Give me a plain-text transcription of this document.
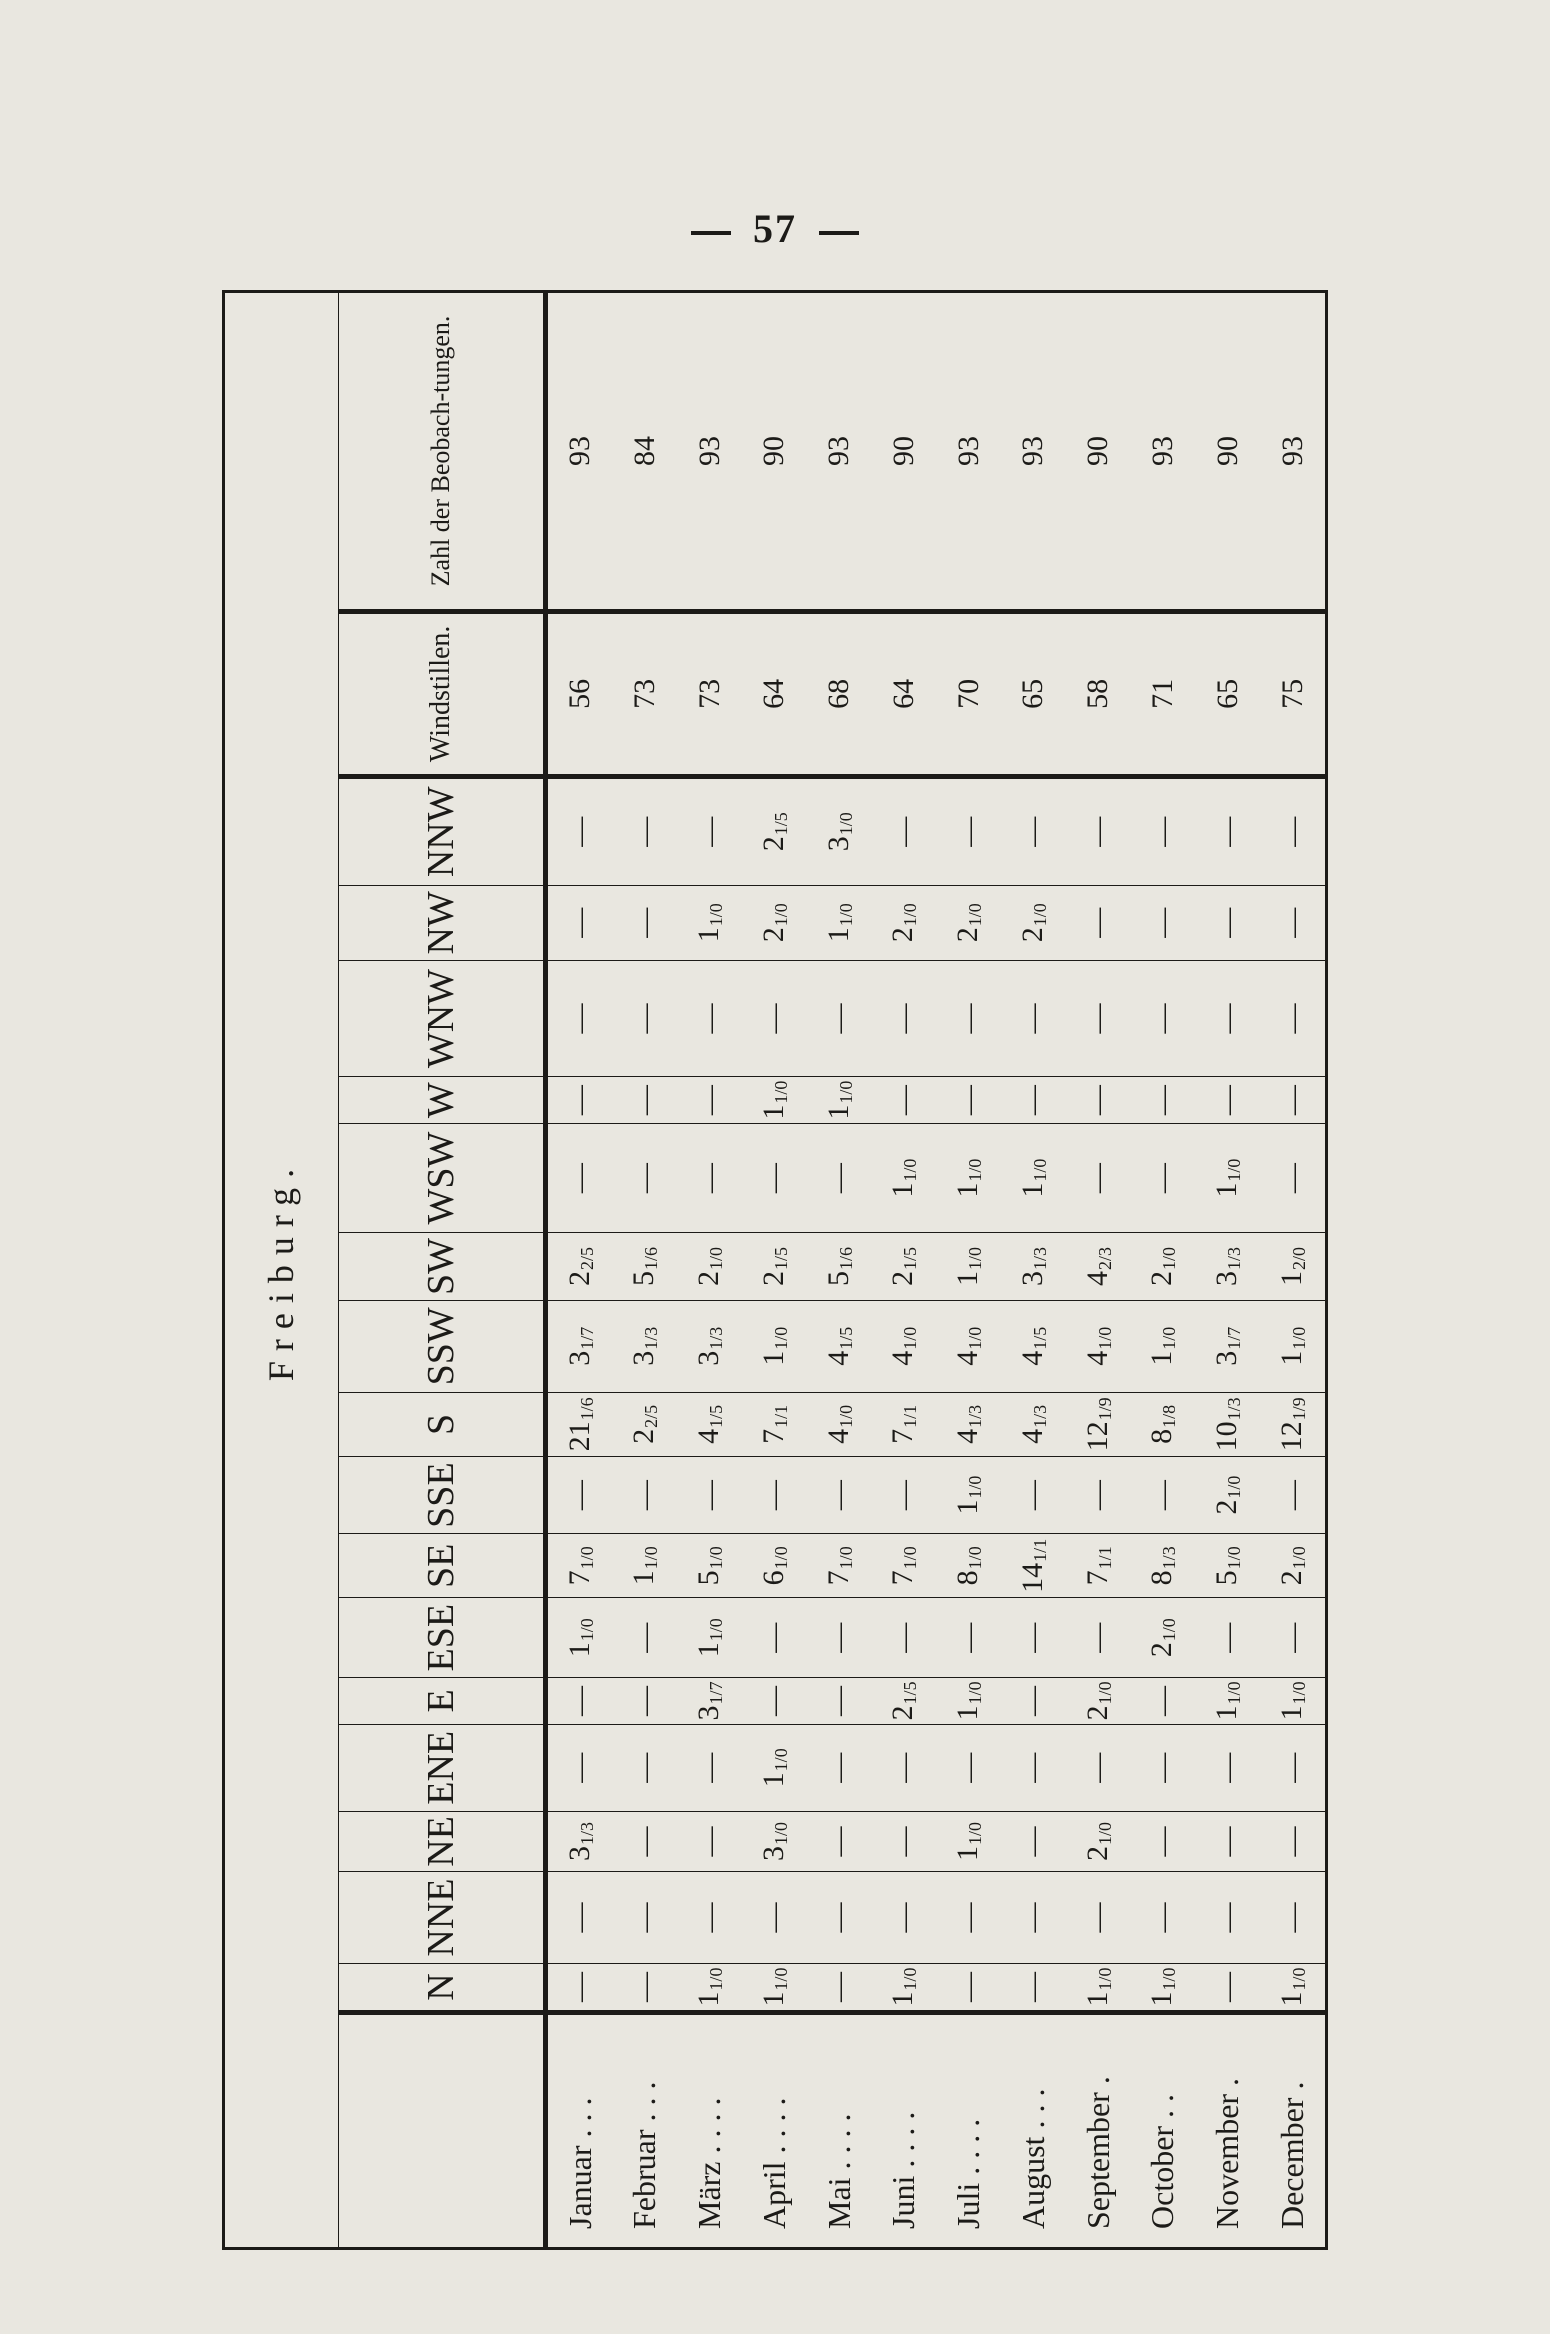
57
Freiburg.																		
	N	NNE	NE	ENE	E	ESE	SE	SSE	S	SSW	SW	WSW	W	WNW	NW	NNW	Windstillen.	Zahl der Beobach-tungen.
Januar . . .	—	—	$3_{1/3}$	—	—	$1_{1/0}$	$7_{1/0}$	—	$21_{1/6}$	$3_{1/7}$	$2_{2/5}$	—	—	—	—	—	56	93
Februar . . .	—	—	—	—	—	—	$1_{1/0}$	—	$2_{2/5}$	$3_{1/3}$	$5_{1/6}$	—	—	—	—	—	73	84
März . . . .	$1_{1/0}$	—	—	—	$3_{1/7}$	$1_{1/0}$	$5_{1/0}$	—	$4_{1/5}$	$3_{1/3}$	$2_{1/0}$	—	—	—	$1_{1/0}$	—	73	93
April . . . .	$1_{1/0}$	—	$3_{1/0}$	$1_{1/0}$	—	—	$6_{1/0}$	—	$7_{1/1}$	$1_{1/0}$	$2_{1/5}$	—	$1_{1/0}$	—	$2_{1/0}$	$2_{1/5}$	64	90
Mai . . . .	—	—	—	—	—	—	$7_{1/0}$	—	$4_{1/0}$	$4_{1/5}$	$5_{1/6}$	—	$1_{1/0}$	—	$1_{1/0}$	$3_{1/0}$	68	93
Juni . . . .	$1_{1/0}$	—	—	—	$2_{1/5}$	—	$7_{1/0}$	—	$7_{1/1}$	$4_{1/0}$	$2_{1/5}$	$1_{1/0}$	—	—	$2_{1/0}$	—	64	90
Juli . . . .	—	—	$1_{1/0}$	—	$1_{1/0}$	—	$8_{1/0}$	$1_{1/0}$	$4_{1/3}$	$4_{1/0}$	$1_{1/0}$	$1_{1/0}$	—	—	$2_{1/0}$	—	70	93
August . . .	—	—	—	—	—	—	$14_{1/1}$	—	$4_{1/3}$	$4_{1/5}$	$3_{1/3}$	$1_{1/0}$	—	—	$2_{1/0}$	—	65	93
September .	$1_{1/0}$	—	$2_{1/0}$	—	$2_{1/0}$	—	$7_{1/1}$	—	$12_{1/9}$	$4_{1/0}$	$4_{2/3}$	—	—	—	—	—	58	90
October . .	$1_{1/0}$	—	—	—	—	$2_{1/0}$	$8_{1/3}$	—	$8_{1/8}$	$1_{1/0}$	$2_{1/0}$	—	—	—	—	—	71	93
November .	—	—	—	—	$1_{1/0}$	—	$5_{1/0}$	$2_{1/0}$	$10_{1/3}$	$3_{1/7}$	$3_{1/3}$	$1_{1/0}$	—	—	—	—	65	90
December .	$1_{1/0}$	—	—	—	$1_{1/0}$	—	$2_{1/0}$	—	$12_{1/9}$	$1_{1/0}$	$1_{2/0}$	—	—	—	—	—	75	93
